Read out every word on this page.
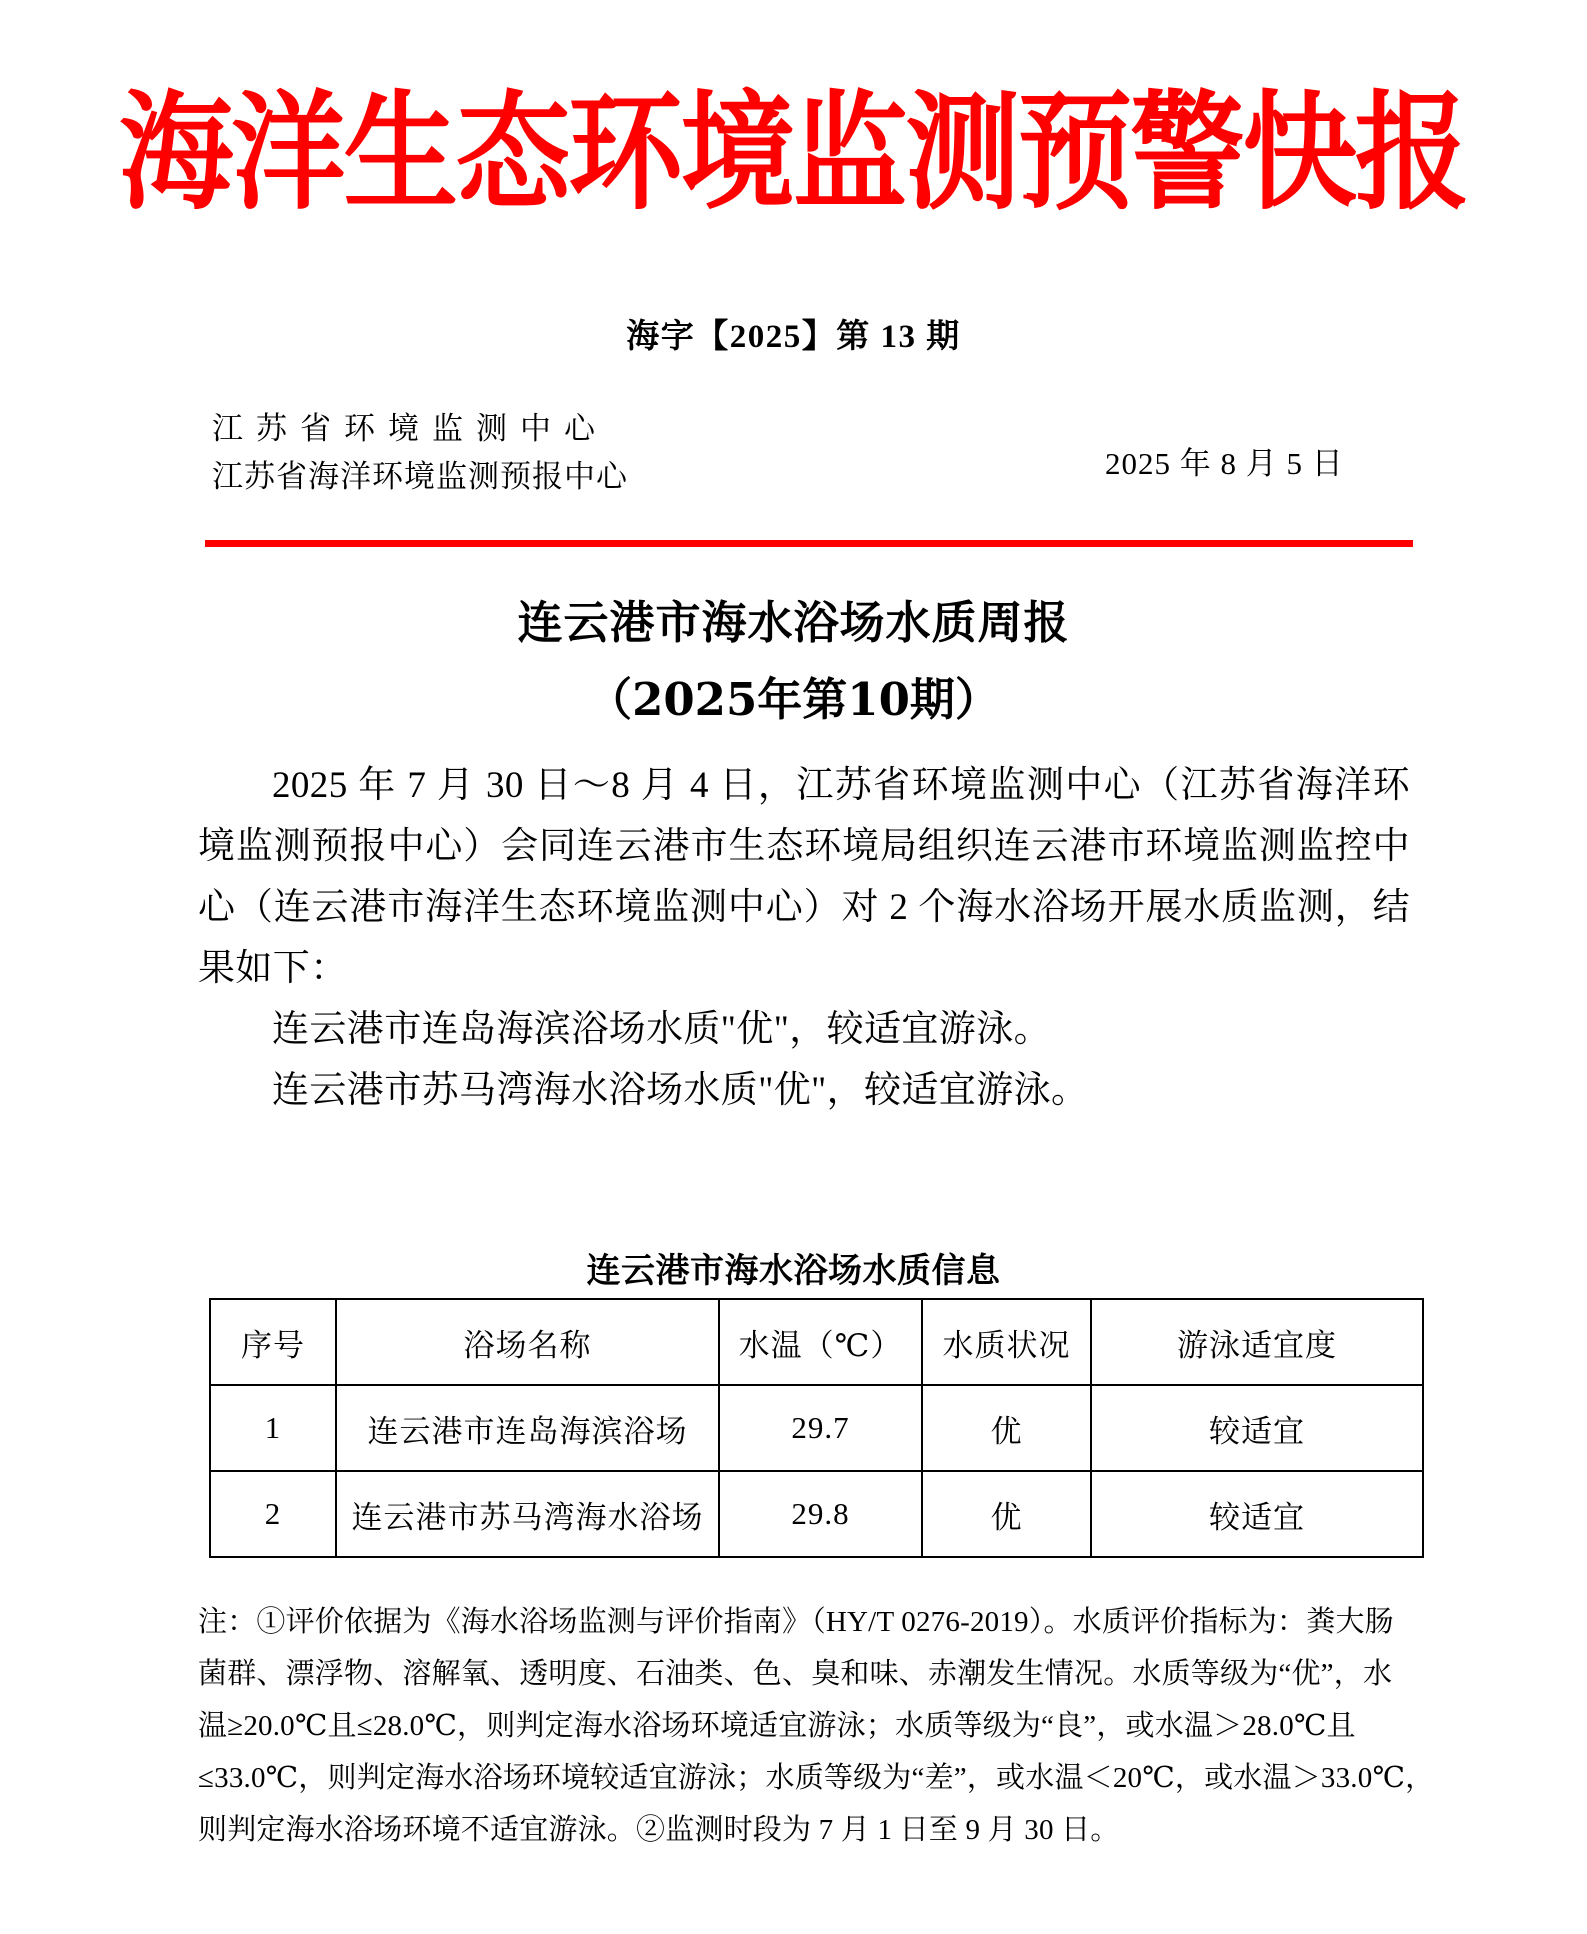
海洋生态环境监测预警快报
海字【2025】第 13 期
江苏省环境监测中心
江苏省海洋环境监测预报中心	2025 年 8 月 5 日
连云港市海水浴场水质周报
（2025年第10期）

2025 年 7 月 30 日～8 月 4 日，江苏省环境监测中心（江苏省海洋环境监测预报中心）会同连云港市生态环境局组织连云港市环境监测监控中心（连云港市海洋生态环境监测中心）对 2 个海水浴场开展水质监测，结果如下：

连云港市连岛海滨浴场水质"优"，较适宜游泳。

连云港市苏马湾海水浴场水质"优"，较适宜游泳。

连云港市海水浴场水质信息
序号	浴场名称	水温（℃）	水质状况	游泳适宜度
1	连云港市连岛海滨浴场	29.7	优	较适宜
2	连云港市苏马湾海水浴场	29.8	优	较适宜
注：①评价依据为《海水浴场监测与评价指南》（HY/T 0276-2019）。水质评价指标为：粪大肠
菌群、漂浮物、溶解氧、透明度、石油类、色、臭和味、赤潮发生情况。水质等级为“优”，水
温≥20.0℃且≤28.0℃，则判定海水浴场环境适宜游泳；水质等级为“良”，或水温＞28.0℃且
≤33.0℃，则判定海水浴场环境较适宜游泳；水质等级为“差”，或水温＜20℃，或水温＞33.0℃，
则判定海水浴场环境不适宜游泳。②监测时段为 7 月 1 日至 9 月 30 日。
